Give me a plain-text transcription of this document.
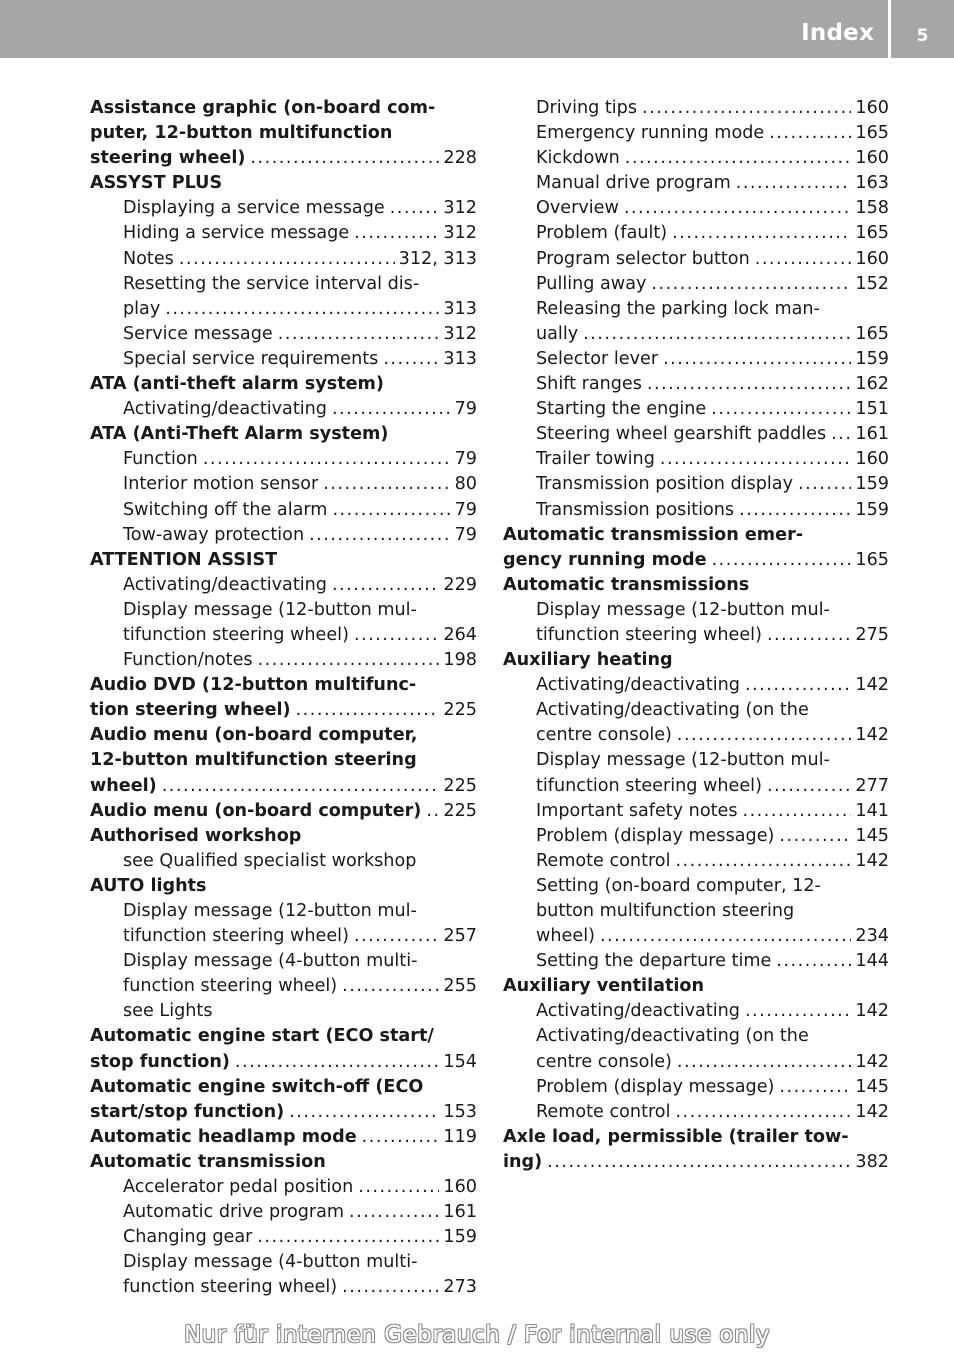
Index	5
Assistance graphic (on-board com-
puter, 12-button multifunction
steering wheel) .....	228
ASSYST PLUS
Displaying a service message .....	312
Hiding a service message .....	312
Notes .....	312, 313
Resetting the service interval dis-
play .....	313
Service message .....	312
Special service requirements .....	313
ATA (anti-theft alarm system)
Activating/deactivating .....	79
ATA (Anti-Theft Alarm system)
Function .....	79
Interior motion sensor .....	80
Switching off the alarm .....	79
Tow-away protection .....	79
ATTENTION ASSIST
Activating/deactivating .....	229
Display message (12-button mul-
tifunction steering wheel) .....	264
Function/notes .....	198
Audio DVD (12-button multifunc-
tion steering wheel) .....	225
Audio menu (on-board computer,
12-button multifunction steering
wheel) .....	225
Audio menu (on-board computer) ..... 225
Authorised workshop
see Qualified specialist workshop
AUTO lights
Display message (12-button mul-
tifunction steering wheel) .....	257
Display message (4-button multi-
function steering wheel) .....	255
see Lights
Automatic engine start (ECO start/
stop function) .....	154
Automatic engine switch-off (ECO
start/stop function) .....	153
Automatic headlamp mode .....	119
Automatic transmission
Accelerator pedal position .....	160
Automatic drive program .....	161
Changing gear .....	159
Display message (4-button multi-
function steering wheel) .....	273
Driving tips .....	160
Emergency running mode .....	165
Kickdown .....	160
Manual drive program .....	163
Overview .....	158
Problem (fault) .....	165
Program selector button .....	160
Pulling away .....	152
Releasing the parking lock man-
ually .....	165
Selector lever .....	159
Shift ranges .....	162
Starting the engine .....	151
Steering wheel gearshift paddles ..... 161
Trailer towing .....	160
Transmission position display .....	159
Transmission positions .....	159
Automatic transmission emer-
gency running mode .....	165
Automatic transmissions
Display message (12-button mul-
tifunction steering wheel) .....	275
Auxiliary heating
Activating/deactivating .....	142
Activating/deactivating (on the
centre console) .....	142
Display message (12-button mul-
tifunction steering wheel) .....	277
Important safety notes .....	141
Problem (display message) .....	145
Remote control .....	142
Setting (on-board computer, 12-
button multifunction steering
wheel) .....	234
Setting the departure time .....	144
Auxiliary ventilation
Activating/deactivating .....	142
Activating/deactivating (on the
centre console) .....	142
Problem (display message) .....	145
Remote control .....	142
Axle load, permissible (trailer tow-
ing) .....	382
Nur für internen Gebrauch / For internal use only
